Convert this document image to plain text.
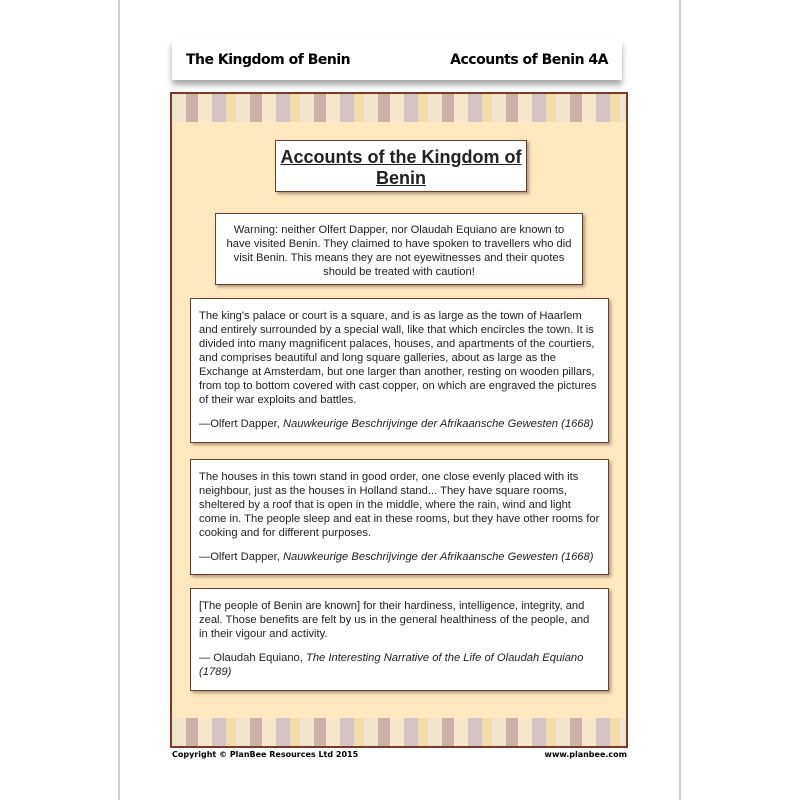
The Kingdom of Benin	Accounts of Benin 4A
Accounts of the Kingdom of Benin
Warning: neither Olfert Dapper, nor Olaudah Equiano are known to have visited Benin. They claimed to have spoken to travellers who did visit Benin. This means they are not eyewitnesses and their quotes should be treated with caution!

The king's palace or court is a square, and is as large as the town of Haarlem and entirely surrounded by a special wall, like that which encircles the town. It is divided into many magnificent palaces, houses, and apartments of the courtiers, and comprises beautiful and long square galleries, about as large as the Exchange at Amsterdam, but one larger than another, resting on wooden pillars, from top to bottom covered with cast copper, on which are engraved the pictures of their war exploits and battles.

—Olfert Dapper, Nauwkeurige Beschrijvinge der Afrikaansche Gewesten (1668)

The houses in this town stand in good order, one close evenly placed with its neighbour, just as the houses in Holland stand... They have square rooms, sheltered by a roof that is open in the middle, where the rain, wind and light come in. The people sleep and eat in these rooms, but they have other rooms for cooking and for different purposes.

—Olfert Dapper, Nauwkeurige Beschrijvinge der Afrikaansche Gewesten (1668)

[The people of Benin are known] for their hardiness, intelligence, integrity, and zeal. Those benefits are felt by us in the general healthiness of the people, and in their vigour and activity.

— Olaudah Equiano, The Interesting Narrative of the Life of Olaudah Equiano (1789)

Copyright © PlanBee Resources Ltd 2015	www.planbee.com
